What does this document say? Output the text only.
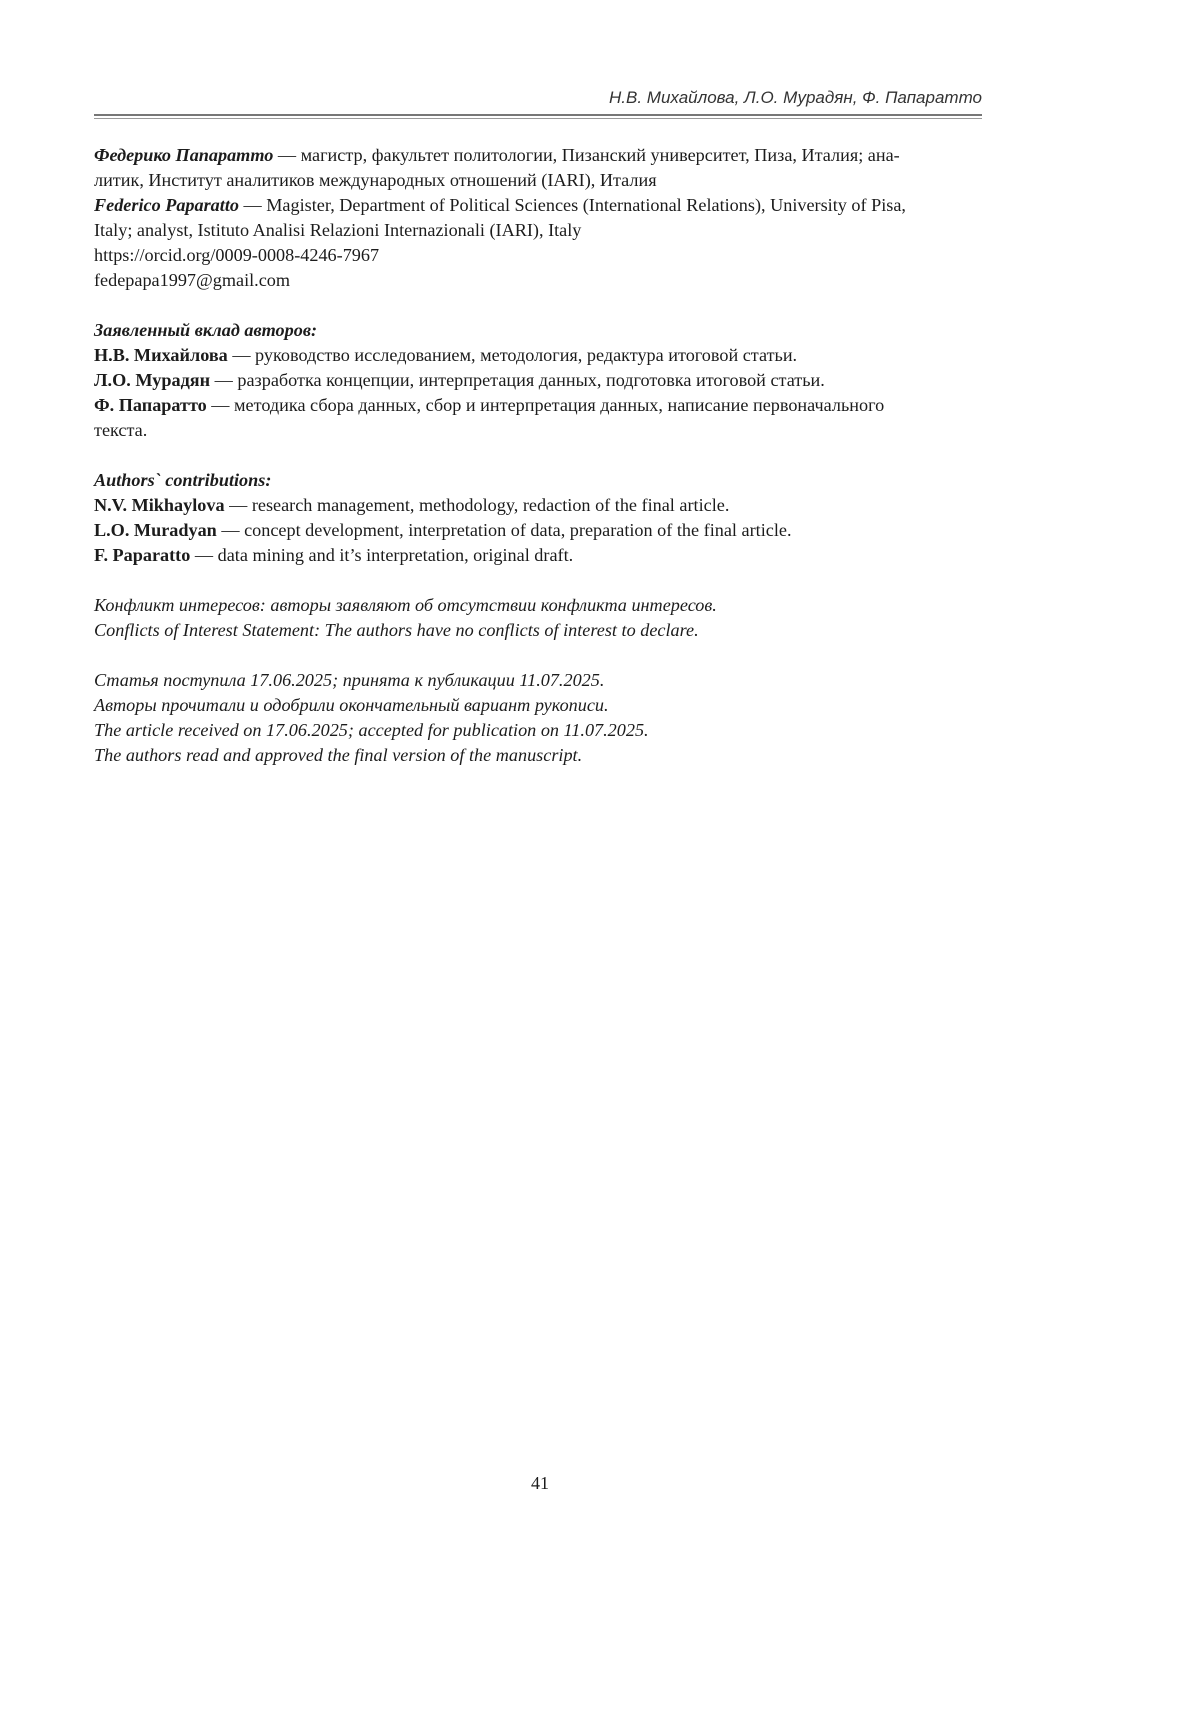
Н.В. Михайлова, Л.О. Мурадян, Ф. Папаратто

Федерико Папаратто — магистр, факультет политологии, Пизанский университет, Пиза, Италия; ана-

литик, Институт аналитиков международных отношений (IARI), Италия

Federico Paparatto — Magister, Department of Political Sciences (International Relations), University of Pisa,

Italy; analyst, Istituto Analisi Relazioni Internazionali (IARI), Italy

https://orcid.org/0009-0008-4246-7967

fedepapa1997@gmail.com

Заявленный вклад авторов:

Н.В. Михайлова — руководство исследованием, методология, редактура итоговой статьи.

Л.О. Мурадян — разработка концепции, интерпретация данных, подготовка итоговой статьи.

Ф. Папаратто — методика сбора данных, сбор и интерпретация данных, написание первоначального

текста.

Authors` contributions:

N.V. Mikhaylova — research management, methodology, redaction of the final article.

L.O. Muradyan — concept development, interpretation of data, preparation of the final article.

F. Paparatto — data mining and it’s interpretation, original draft.

Конфликт интересов: авторы заявляют об отсутствии конфликта интересов.

Conflicts of Interest Statement: The authors have no conflicts of interest to declare.

Статья поступила 17.06.2025; принята к публикации 11.07.2025.

Авторы прочитали и одобрили окончательный вариант рукописи.

The article received on 17.06.2025; accepted for publication on 11.07.2025.

The authors read and approved the final version of the manuscript.

41
